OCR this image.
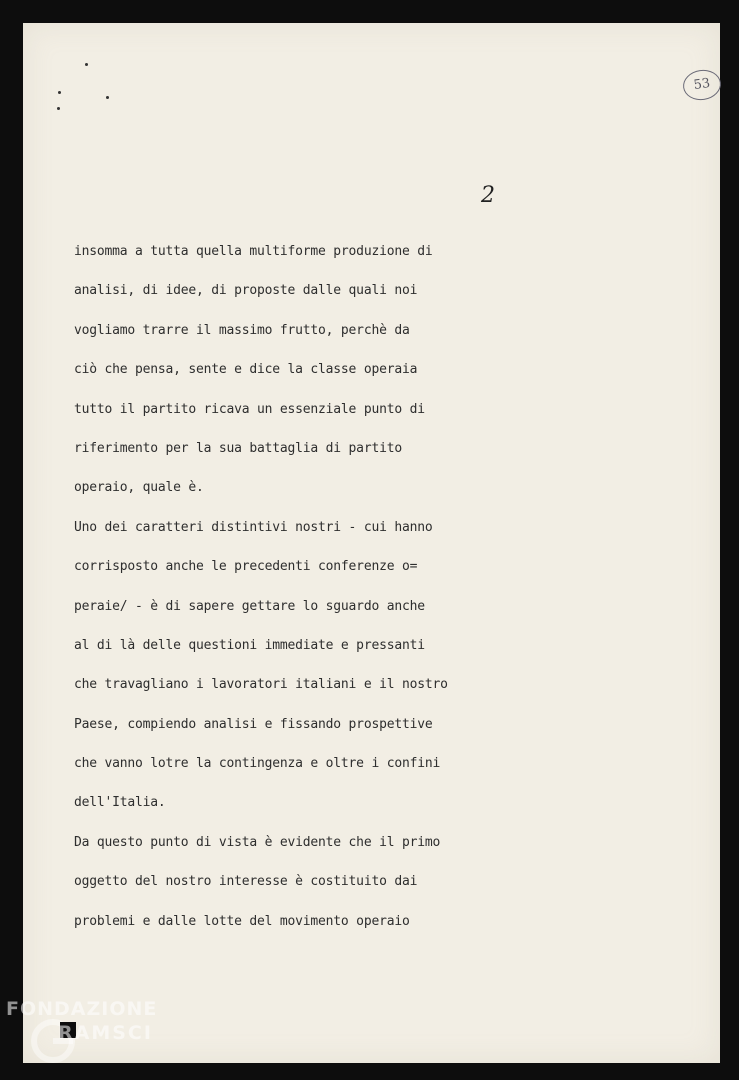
53
2
insomma a tutta quella multiforme produzione di
analisi, di idee, di proposte dalle quali noi
vogliamo trarre il massimo frutto, perchè da
ciò che pensa, sente e dice la classe operaia
tutto il partito ricava un essenziale punto di
riferimento per la sua battaglia di partito
operaio, quale è.
Uno dei caratteri distintivi nostri - cui hanno
corrisposto anche le precedenti conferenze o=
peraie/ - è di sapere gettare lo sguardo anche
al di là delle questioni immediate e pressanti
che travagliano i lavoratori italiani e il nostro
Paese, compiendo analisi e fissando prospettive
che vanno lotre la contingenza e oltre i confini
dell'Italia.
Da questo punto di vista è evidente che il primo
oggetto del nostro interesse è costituito dai
problemi e dalle lotte del movimento operaio
FONDAZIONE
RAMSCI
